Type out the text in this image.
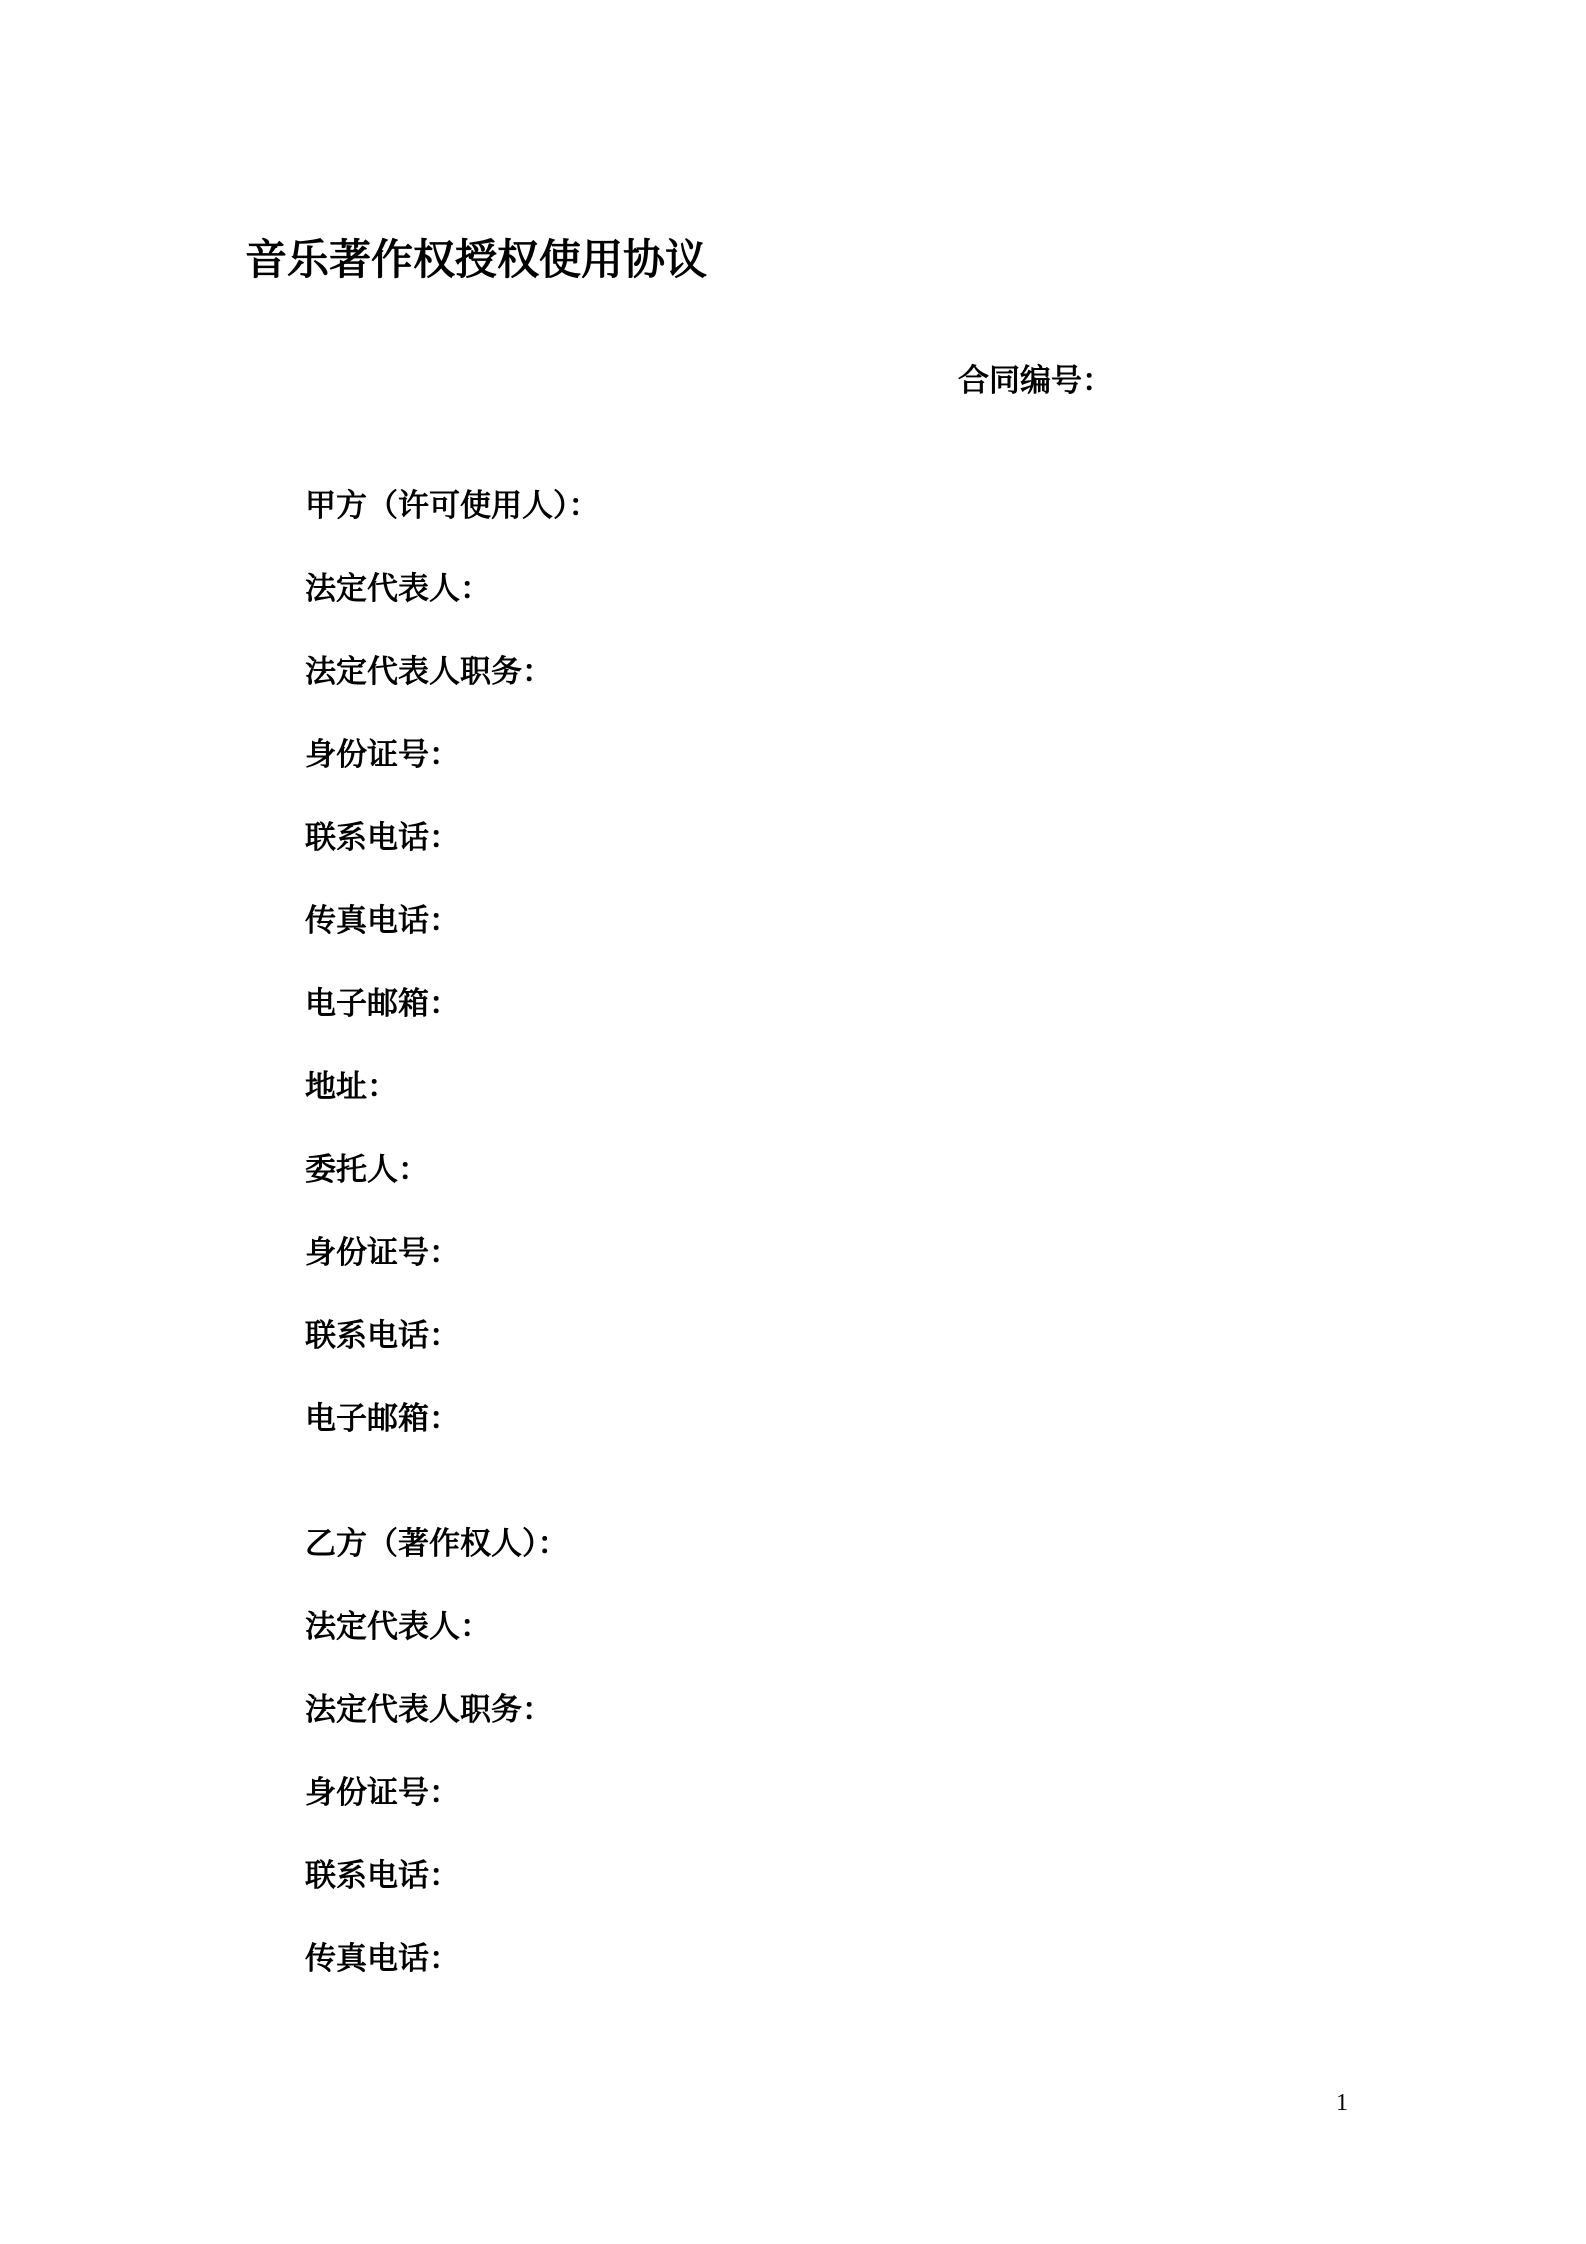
音乐著作权授权使用协议
合同编号：
甲方（许可使用人）：
法定代表人：
法定代表人职务：
身份证号：
联系电话：
传真电话：
电子邮箱：
地址：
委托人：
身份证号：
联系电话：
电子邮箱：
乙方（著作权人）：
法定代表人：
法定代表人职务：
身份证号：
联系电话：
传真电话：
1
